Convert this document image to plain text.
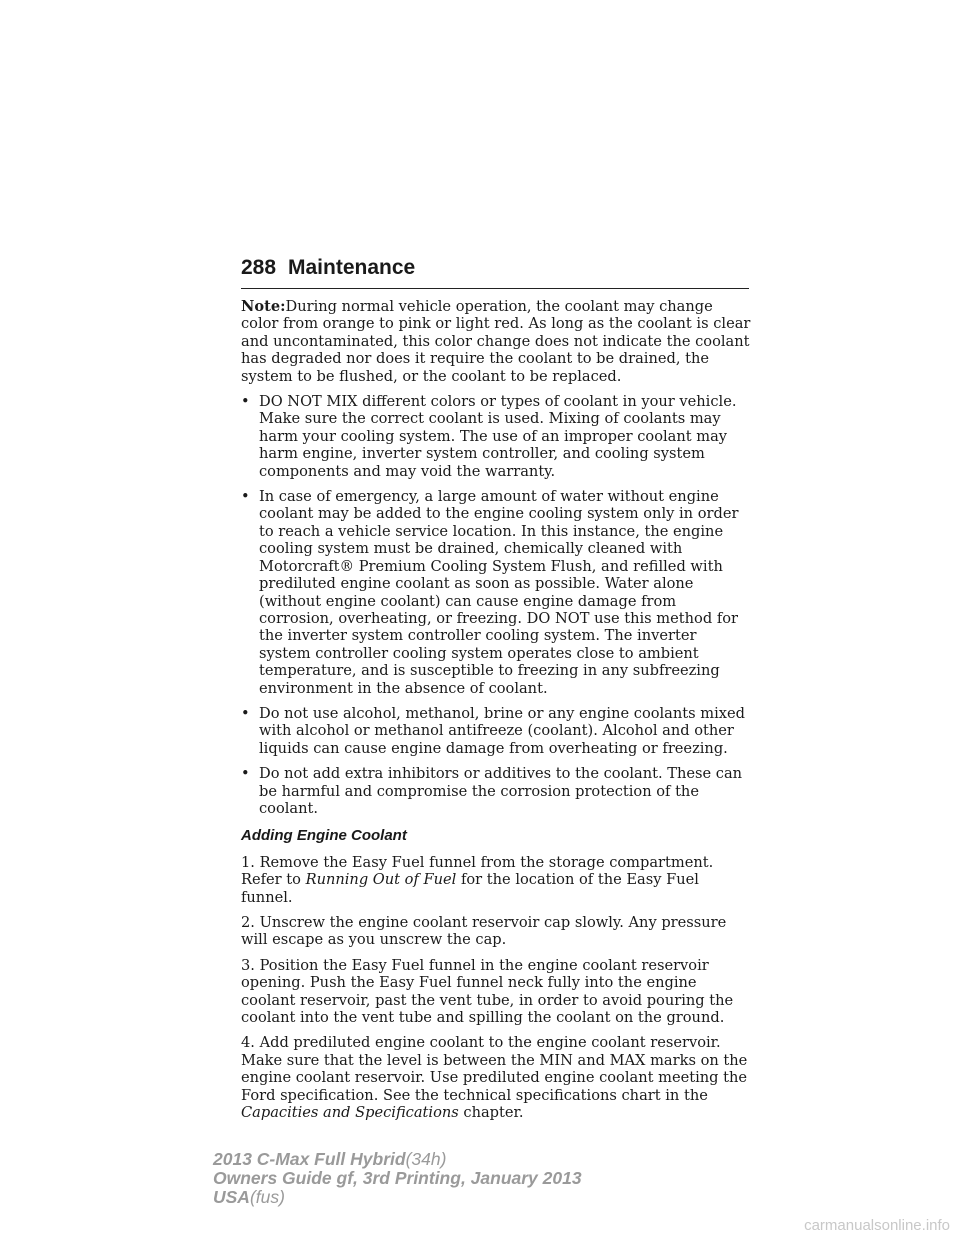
288 Maintenance

Note:During normal vehicle operation, the coolant may change color from orange to pink or light red. As long as the coolant is clear and uncontaminated, this color change does not indicate the coolant has degraded nor does it require the coolant to be drained, the system to be flushed, or the coolant to be replaced.

• DO NOT MIX different colors or types of coolant in your vehicle. Make sure the correct coolant is used. Mixing of coolants may harm your cooling system. The use of an improper coolant may harm engine, inverter system controller, and cooling system components and may void the warranty.
• In case of emergency, a large amount of water without engine coolant may be added to the engine cooling system only in order to reach a vehicle service location. In this instance, the engine cooling system must be drained, chemically cleaned with Motorcraft® Premium Cooling System Flush, and refilled with prediluted engine coolant as soon as possible. Water alone (without engine coolant) can cause engine damage from corrosion, overheating, or freezing. DO NOT use this method for the inverter system controller cooling system. The inverter system controller cooling system operates close to ambient temperature, and is susceptible to freezing in any subfreezing environment in the absence of coolant.
• Do not use alcohol, methanol, brine or any engine coolants mixed with alcohol or methanol antifreeze (coolant). Alcohol and other liquids can cause engine damage from overheating or freezing.
• Do not add extra inhibitors or additives to the coolant. These can be harmful and compromise the corrosion protection of the coolant.
Adding Engine Coolant

1. Remove the Easy Fuel funnel from the storage compartment. Refer to Running Out of Fuel for the location of the Easy Fuel funnel.

2. Unscrew the engine coolant reservoir cap slowly. Any pressure will escape as you unscrew the cap.

3. Position the Easy Fuel funnel in the engine coolant reservoir opening. Push the Easy Fuel funnel neck fully into the engine coolant reservoir, past the vent tube, in order to avoid pouring the coolant into the vent tube and spilling the coolant on the ground.

4. Add prediluted engine coolant to the engine coolant reservoir. Make sure that the level is between the MIN and MAX marks on the engine coolant reservoir. Use prediluted engine coolant meeting the Ford specification. See the technical specifications chart in the Capacities and Specifications chapter.

2013 C-Max Full Hybrid(34h)
Owners Guide gf, 3rd Printing, January 2013
USA(fus)
carmanualsonline.info
